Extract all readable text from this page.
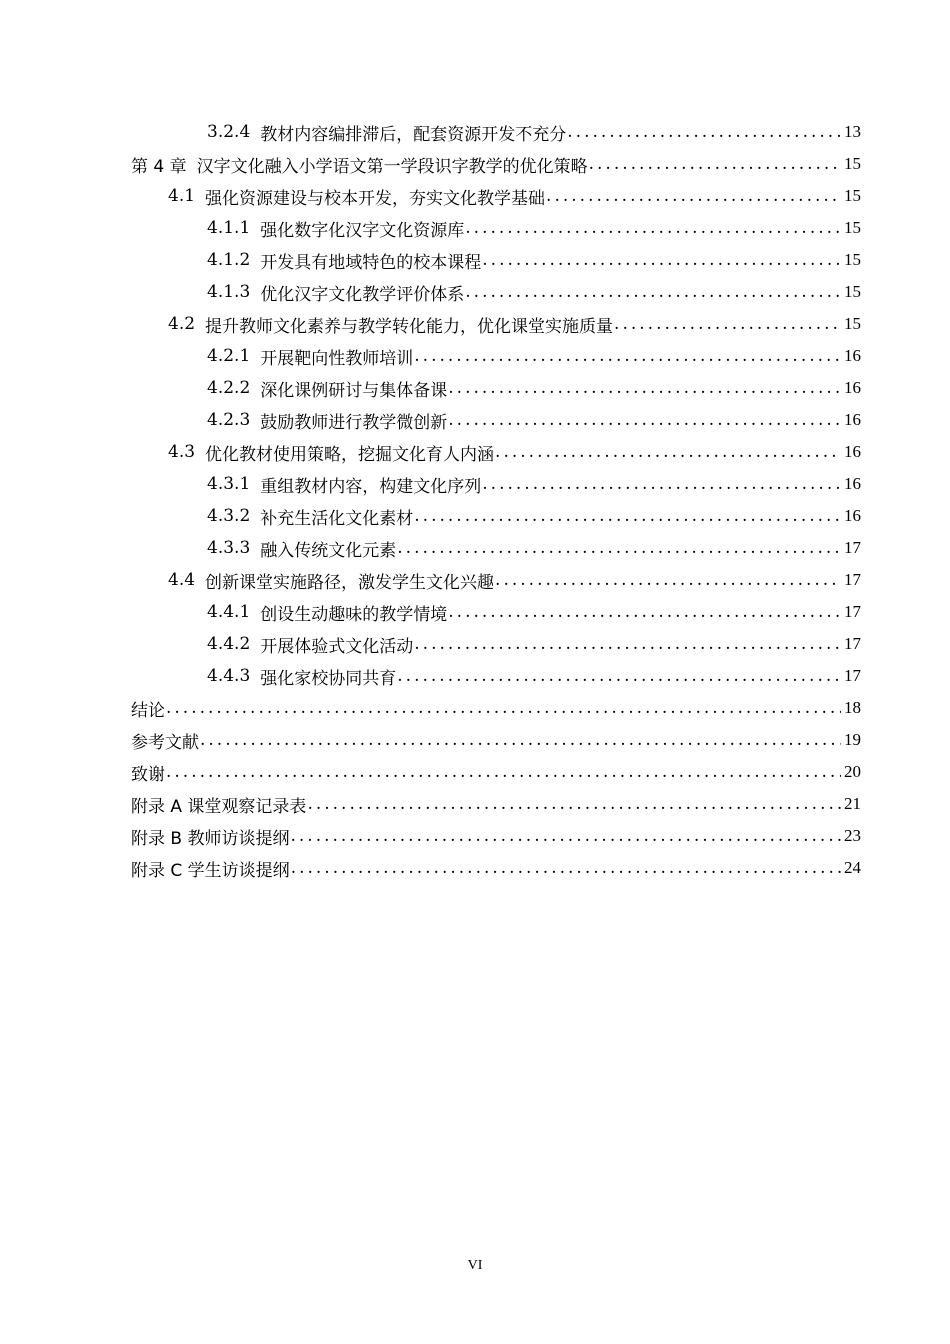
3.2.4 教材内容编排滞后，配套资源开发不充分 .....	13
第 4 章 汉字文化融入小学语文第一学段识字教学的优化策略 .....	15
4.1 强化资源建设与校本开发，夯实文化教学基础 .....	15
4.1.1 强化数字化汉字文化资源库 .....	15
4.1.2 开发具有地域特色的校本课程 .....	15
4.1.3 优化汉字文化教学评价体系 .....	15
4.2 提升教师文化素养与教学转化能力，优化课堂实施质量 .....	15
4.2.1 开展靶向性教师培训 .....	16
4.2.2 深化课例研讨与集体备课 .....	16
4.2.3 鼓励教师进行教学微创新 .....	16
4.3 优化教材使用策略，挖掘文化育人内涵 .....	16
4.3.1 重组教材内容，构建文化序列 .....	16
4.3.2 补充生活化文化素材 .....	16
4.3.3 融入传统文化元素 .....	17
4.4 创新课堂实施路径，激发学生文化兴趣 .....	17
4.4.1 创设生动趣味的教学情境 .....	17
4.4.2 开展体验式文化活动 .....	17
4.4.3 强化家校协同共育 .....	17
结论 .....	18
参考文献 .....	19
致谢 .....	20
附录 A 课堂观察记录表 .....	21
附录 B 教师访谈提纲 .....	23
附录 C 学生访谈提纲 .....	24
VI
